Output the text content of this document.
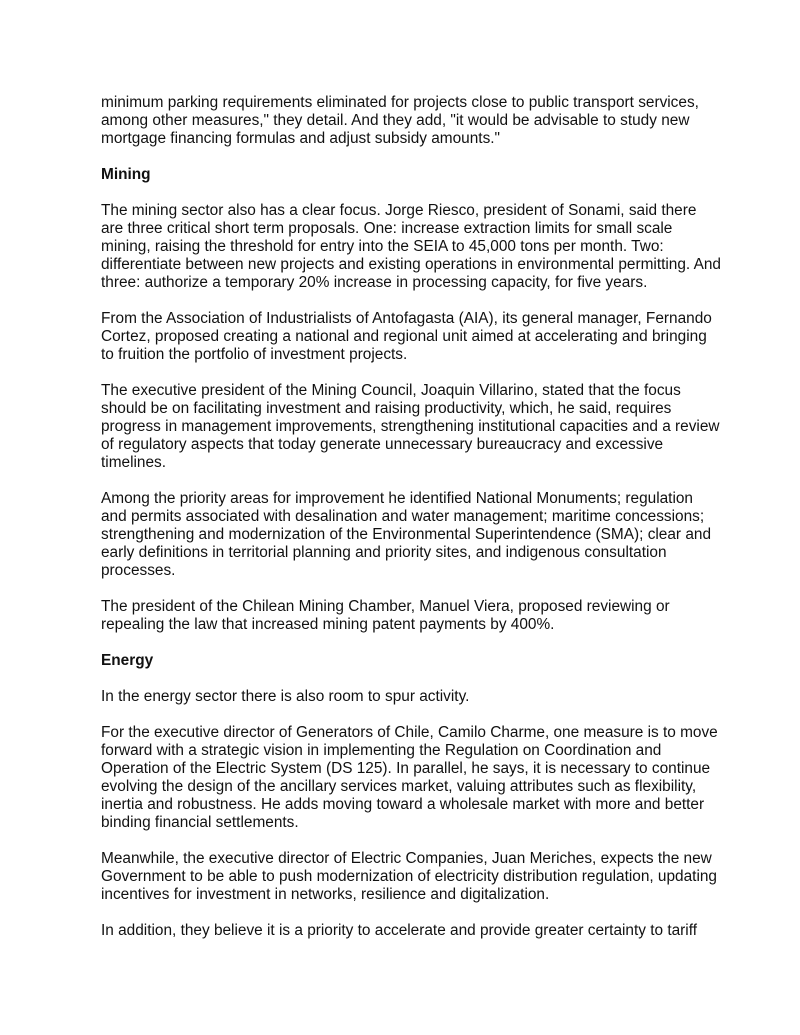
minimum parking requirements eliminated for projects close to public transport services, among other measures," they detail. And they add, "it would be advisable to study new mortgage financing formulas and adjust subsidy amounts."

Mining

The mining sector also has a clear focus. Jorge Riesco, president of Sonami, said there are three critical short term proposals. One: increase extraction limits for small scale mining, raising the threshold for entry into the SEIA to 45,000 tons per month. Two: differentiate between new projects and existing operations in environmental permitting. And three: authorize a temporary 20% increase in processing capacity, for five years.

From the Association of Industrialists of Antofagasta (AIA), its general manager, Fernando Cortez, proposed creating a national and regional unit aimed at accelerating and bringing to fruition the portfolio of investment projects.

The executive president of the Mining Council, Joaquin Villarino, stated that the focus should be on facilitating investment and raising productivity, which, he said, requires progress in management improvements, strengthening institutional capacities and a review of regulatory aspects that today generate unnecessary bureaucracy and excessive timelines.

Among the priority areas for improvement he identified National Monuments; regulation and permits associated with desalination and water management; maritime concessions; strengthening and modernization of the Environmental Superintendence (SMA); clear and early definitions in territorial planning and priority sites, and indigenous consultation processes.

The president of the Chilean Mining Chamber, Manuel Viera, proposed reviewing or repealing the law that increased mining patent payments by 400%.

Energy

In the energy sector there is also room to spur activity.

For the executive director of Generators of Chile, Camilo Charme, one measure is to move forward with a strategic vision in implementing the Regulation on Coordination and Operation of the Electric System (DS 125). In parallel, he says, it is necessary to continue evolving the design of the ancillary services market, valuing attributes such as flexibility, inertia and robustness. He adds moving toward a wholesale market with more and better binding financial settlements.

Meanwhile, the executive director of Electric Companies, Juan Meriches, expects the new Government to be able to push modernization of electricity distribution regulation, updating incentives for investment in networks, resilience and digitalization.

In addition, they believe it is a priority to accelerate and provide greater certainty to tariff
